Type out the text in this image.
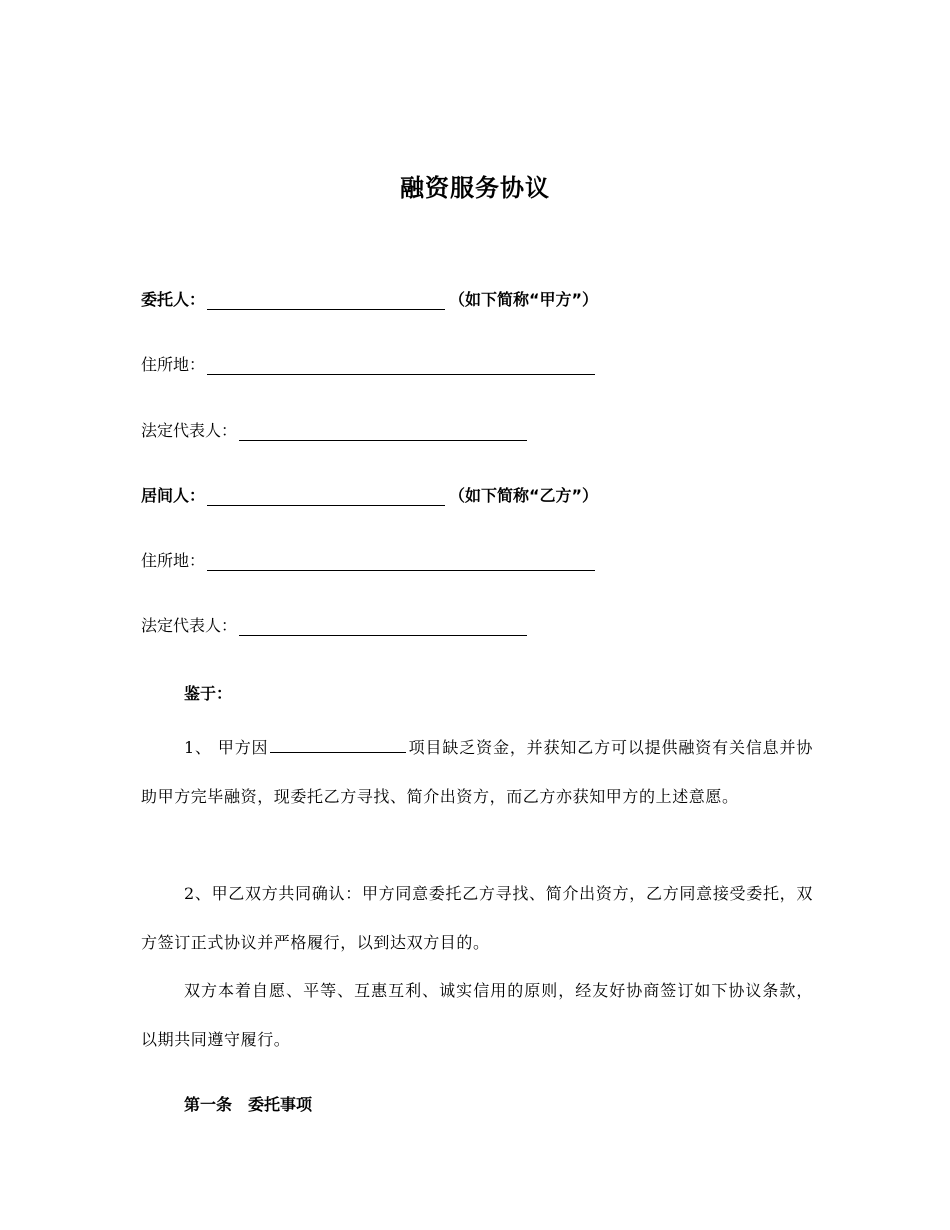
融资服务协议
委托人：	（如下简称“甲方”）
住所地：
法定代表人：
居间人：	（如下简称“乙方”）
住所地：
法定代表人：
鉴于：
1、 甲方因	项目缺乏资金，并获知乙方可以提供融资有关信息并协助甲方完毕融资，现委托乙方寻找、简介出资方，而乙方亦获知甲方的上述意愿。
2、甲乙双方共同确认：甲方同意委托乙方寻找、简介出资方，乙方同意接受委托，双方签订正式协议并严格履行，以到达双方目的。
双方本着自愿、平等、互惠互利、诚实信用的原则，经友好协商签订如下协议条款，以期共同遵守履行。
第一条　委托事项
